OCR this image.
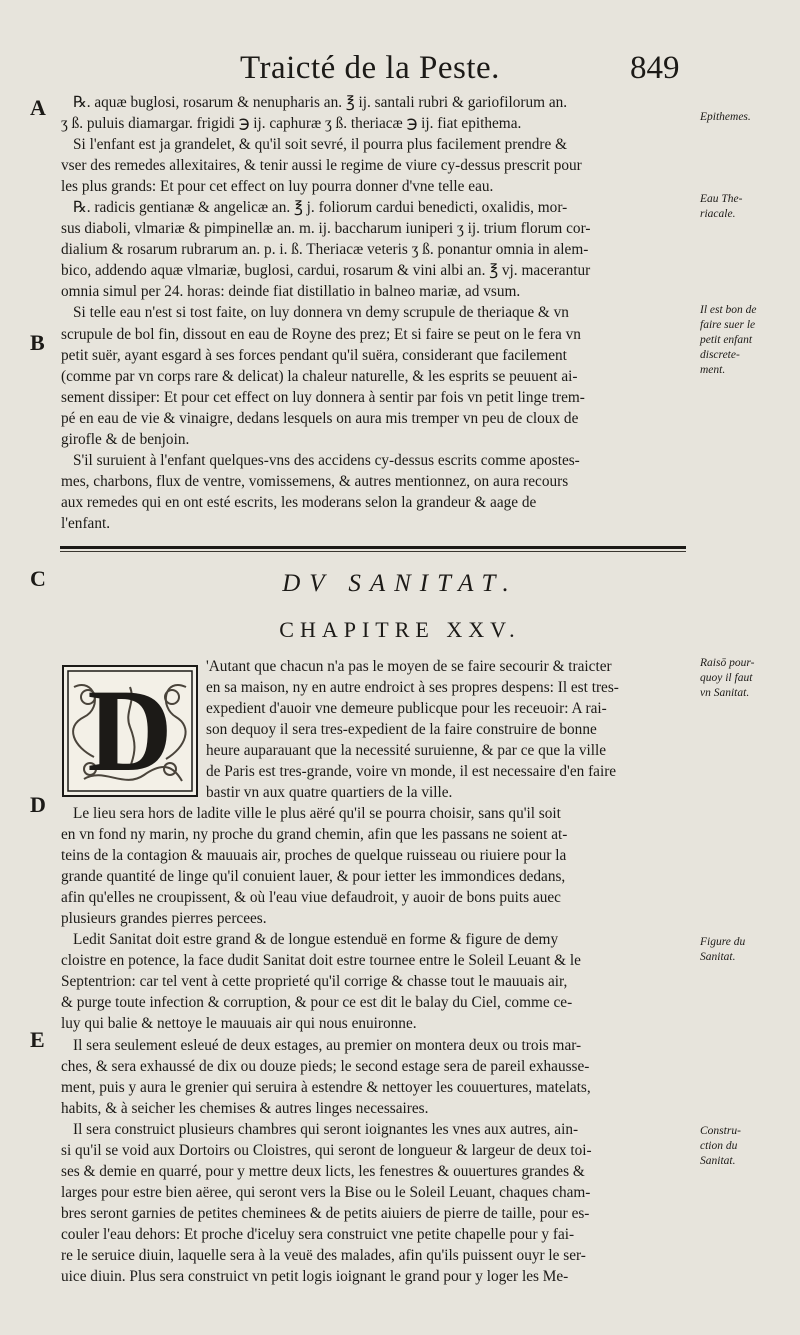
Traicté de la Peste.	849
A
B
C
D
E
℞. aquæ buglosi, rosarum & nenupharis an. ℥ ij. santali rubri & gariofilorum an.
ʒ ß. puluis diamargar. frigidi ℈ ij. caphuræ ʒ ß. theriacæ ℈ ij. fiat epithema.
Si l'enfant est ja grandelet, & qu'il soit sevré, il pourra plus facilement prendre &
vser des remedes allexitaires, & tenir aussi le regime de viure cy-dessus prescrit pour
les plus grands: Et pour cet effect on luy pourra donner d'vne telle eau.
℞. radicis gentianæ & angelicæ an. ℥ j. foliorum cardui benedicti, oxalidis, mor-
sus diaboli, vlmariæ & pimpinellæ an. m. ij. baccharum iuniperi ʒ ij. trium florum cor-
dialium & rosarum rubrarum an. p. i. ß. Theriacæ veteris ʒ ß. ponantur omnia in alem-
bico, addendo aquæ vlmariæ, buglosi, cardui, rosarum & vini albi an. ℥ vj. macerantur
omnia simul per 24. horas: deinde fiat distillatio in balneo mariæ, ad vsum.
Si telle eau n'est si tost faite, on luy donnera vn demy scrupule de theriaque & vn
scrupule de bol fin, dissout en eau de Royne des prez; Et si faire se peut on le fera vn
petit suër, ayant esgard à ses forces pendant qu'il suëra, considerant que facilement
(comme par vn corps rare & delicat) la chaleur naturelle, & les esprits se peuuent ai-
sement dissiper: Et pour cet effect on luy donnera à sentir par fois vn petit linge trem-
pé en eau de vie & vinaigre, dedans lesquels on aura mis tremper vn peu de cloux de
girofle & de benjoin.
S'il suruient à l'enfant quelques-vns des accidens cy-dessus escrits comme apostes-
mes, charbons, flux de ventre, vomissemens, & autres mentionnez, on aura recours
aux remedes qui en ont esté escrits, les moderans selon la grandeur & aage de
l'enfant.
Epithemes.
Eau The-
riacale.
Il est bon de
faire suer le
petit enfant
discrete-
ment.
DV SANITAT.
CHAPITRE XXV.
D	'Autant que chacun n'a pas le moyen de se faire secourir & traicter
en sa maison, ny en autre endroict à ses propres despens: Il est tres-
expedient d'auoir vne demeure publicque pour les receuoir: A rai-
son dequoy il sera tres-expedient de la faire construire de bonne
heure auparauant que la necessité suruienne, & par ce que la ville
de Paris est tres-grande, voire vn monde, il est necessaire d'en faire
bastir vn aux quatre quartiers de la ville.
Le lieu sera hors de ladite ville le plus aëré qu'il se pourra choisir, sans qu'il soit
en vn fond ny marin, ny proche du grand chemin, afin que les passans ne soient at-
teins de la contagion & mauuais air, proches de quelque ruisseau ou riuiere pour la
grande quantité de linge qu'il conuient lauer, & pour ietter les immondices dedans,
afin qu'elles ne croupissent, & où l'eau viue defaudroit, y auoir de bons puits auec
plusieurs grandes pierres percees.
Ledit Sanitat doit estre grand & de longue estenduë en forme & figure de demy
cloistre en potence, la face dudit Sanitat doit estre tournee entre le Soleil Leuant & le
Septentrion: car tel vent à cette proprieté qu'il corrige & chasse tout le mauuais air,
& purge toute infection & corruption, & pour ce est dit le balay du Ciel, comme ce-
luy qui balie & nettoye le mauuais air qui nous enuironne.
Il sera seulement esleué de deux estages, au premier on montera deux ou trois mar-
ches, & sera exhaussé de dix ou douze pieds; le second estage sera de pareil exhausse-
ment, puis y aura le grenier qui seruira à estendre & nettoyer les couuertures, matelats,
habits, & à seicher les chemises & autres linges necessaires.
Il sera construict plusieurs chambres qui seront ioignantes les vnes aux autres, ain-
si qu'il se void aux Dortoirs ou Cloistres, qui seront de longueur & largeur de deux toi-
ses & demie en quarré, pour y mettre deux licts, les fenestres & ouuertures grandes &
larges pour estre bien aëree, qui seront vers la Bise ou le Soleil Leuant, chaques cham-
bres seront garnies de petites cheminees & de petits aiuiers de pierre de taille, pour es-
couler l'eau dehors: Et proche d'iceluy sera construict vne petite chapelle pour y fai-
re le seruice diuin, laquelle sera à la veuë des malades, afin qu'ils puissent ouyr le ser-
uice diuin. Plus sera construict vn petit logis ioignant le grand pour y loger les Me-
Raisō pour-
quoy il faut
vn Sanitat.
Figure du
Sanitat.
Constru-
ction du
Sanitat.
